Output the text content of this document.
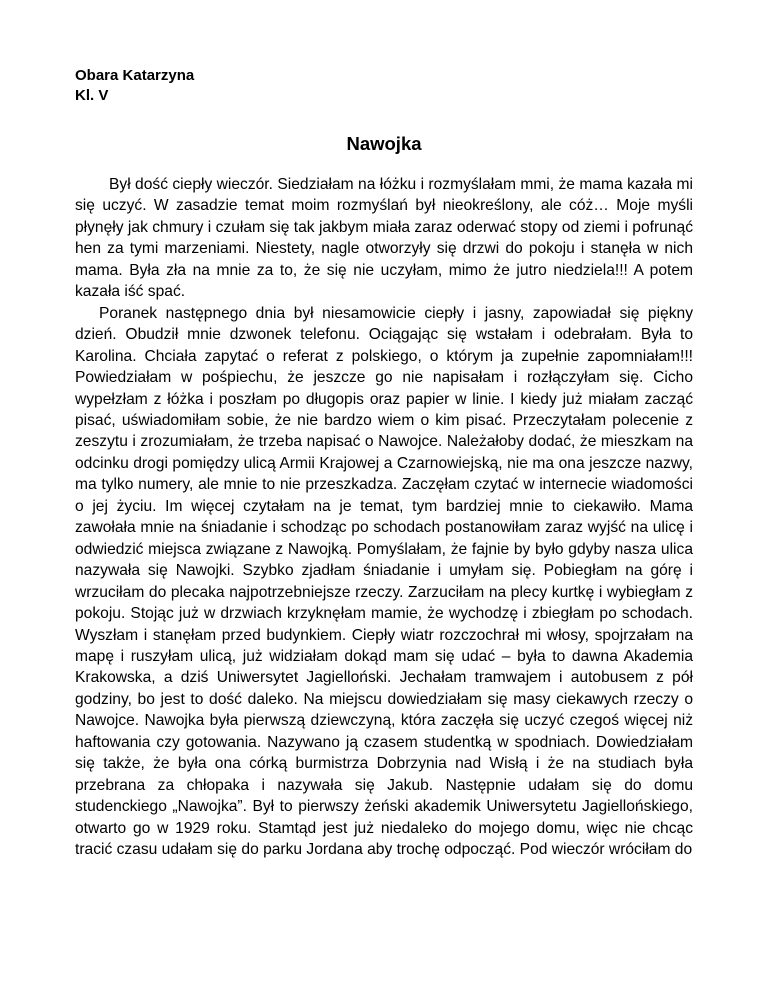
Obara Katarzyna

Kl. V

Nawojka

Był dość ciepły wieczór. Siedziałam na łóżku i rozmyślałam mmi, że mama kazała mi się uczyć. W zasadzie temat moim rozmyślań był nieokreślony, ale cóż… Moje myśli płynęły jak chmury i czułam się tak jakbym miała zaraz oderwać stopy od ziemi i pofrunąć hen za tymi marzeniami. Niestety, nagle otworzyły się drzwi do pokoju i stanęła w nich mama. Była zła na mnie za to, że się nie uczyłam, mimo że jutro niedziela!!! A potem kazała iść spać.

Poranek następnego dnia był niesamowicie ciepły i jasny, zapowiadał się piękny dzień. Obudził mnie dzwonek telefonu. Ociągając się wstałam i odebrałam. Była to Karolina. Chciała zapytać o referat z polskiego, o którym ja zupełnie zapomniałam!!! Powiedziałam w pośpiechu, że jeszcze go nie napisałam i rozłączyłam się. Cicho wypełzłam z łóżka i poszłam po długopis oraz papier w linie. I kiedy już miałam zacząć pisać, uświadomiłam sobie, że nie bardzo wiem o kim pisać. Przeczytałam polecenie z zeszytu i zrozumiałam, że trzeba napisać o Nawojce. Należałoby dodać, że mieszkam na odcinku drogi pomiędzy ulicą Armii Krajowej a Czarnowiejską, nie ma ona jeszcze nazwy, ma tylko numery, ale mnie to nie przeszkadza. Zaczęłam czytać w internecie wiadomości o jej życiu. Im więcej czytałam na je temat, tym bardziej mnie to ciekawiło. Mama zawołała mnie na śniadanie i schodząc po schodach postanowiłam zaraz wyjść na ulicę i odwiedzić miejsca związane z Nawojką. Pomyślałam, że fajnie by było gdyby nasza ulica nazywała się Nawojki. Szybko zjadłam śniadanie i umyłam się. Pobiegłam na górę i wrzuciłam do plecaka najpotrzebniejsze rzeczy. Zarzuciłam na plecy kurtkę i wybiegłam z pokoju. Stojąc już w drzwiach krzyknęłam mamie, że wychodzę i zbiegłam po schodach. Wyszłam i stanęłam przed budynkiem. Ciepły wiatr rozczochrał mi włosy, spojrzałam na mapę i ruszyłam ulicą, już widziałam dokąd mam się udać – była to dawna Akademia Krakowska, a dziś Uniwersytet Jagielloński. Jechałam tramwajem i autobusem z pół godziny, bo jest to dość daleko. Na miejscu dowiedziałam się masy ciekawych rzeczy o Nawojce. Nawojka była pierwszą dziewczyną, która zaczęła się uczyć czegoś więcej niż haftowania czy gotowania. Nazywano ją czasem studentką w spodniach. Dowiedziałam się także, że była ona córką burmistrza Dobrzynia nad Wisłą i że na studiach była przebrana za chłopaka i nazywała się Jakub. Następnie udałam się do domu studenckiego „Nawojka”. Był to pierwszy żeński akademik Uniwersytetu Jagiellońskiego, otwarto go w 1929 roku. Stamtąd jest już niedaleko do mojego domu, więc nie chcąc tracić czasu udałam się do parku Jordana aby trochę odpocząć. Pod wieczór wróciłam do
